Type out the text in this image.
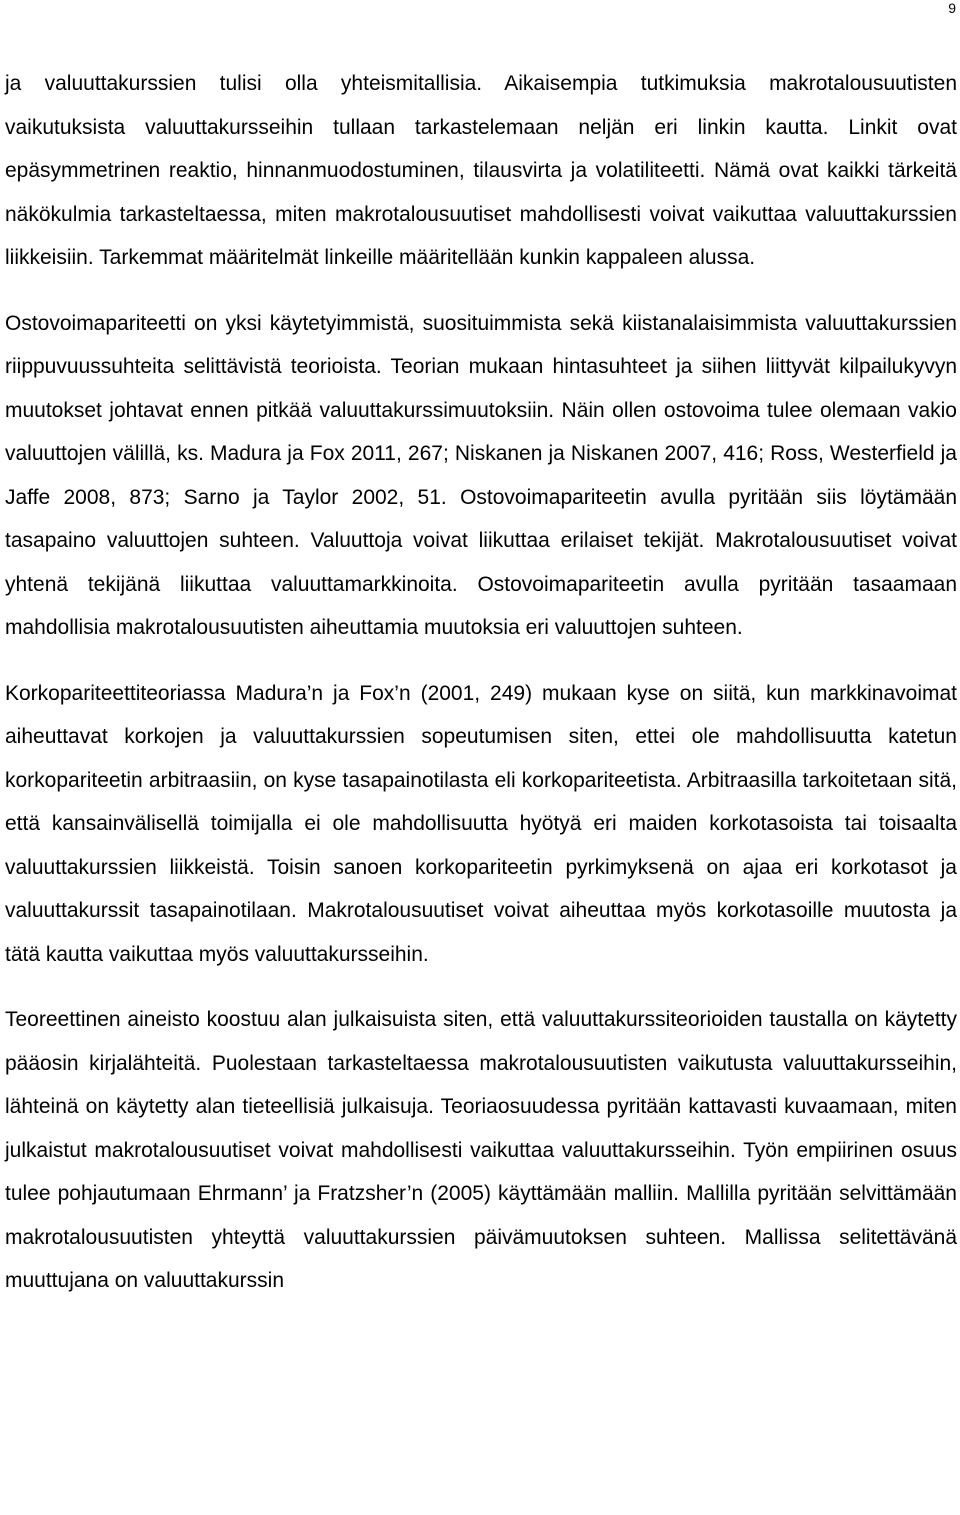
9

ja valuuttakurssien tulisi olla yhteismitallisia. Aikaisempia tutkimuksia makrotalousuutisten vaikutuksista valuuttakursseihin tullaan tarkastelemaan neljän eri linkin kautta. Linkit ovat epäsymmetrinen reaktio, hinnanmuodostuminen, tilausvirta ja volatiliteetti. Nämä ovat kaikki tärkeitä näkökulmia tarkasteltaessa, miten makrotalousuutiset mahdollisesti voivat vaikuttaa valuuttakurssien liikkeisiin. Tarkemmat määritelmät linkeille määritellään kunkin kappaleen alussa.

Ostovoimapariteetti on yksi käytetyimmistä, suosituimmista sekä kiistanalaisimmista valuuttakurssien riippuvuussuhteita selittävistä teorioista. Teorian mukaan hintasuhteet ja siihen liittyvät kilpailukyvyn muutokset johtavat ennen pitkää valuuttakurssimuutoksiin. Näin ollen ostovoima tulee olemaan vakio valuuttojen välillä, ks. Madura ja Fox 2011, 267; Niskanen ja Niskanen 2007, 416; Ross, Westerfield ja Jaffe 2008, 873; Sarno ja Taylor 2002, 51. Ostovoimapariteetin avulla pyritään siis löytämään tasapaino valuuttojen suhteen. Valuuttoja voivat liikuttaa erilaiset tekijät. Makrotalousuutiset voivat yhtenä tekijänä liikuttaa valuuttamarkkinoita. Ostovoimapariteetin avulla pyritään tasaamaan mahdollisia makrotalousuutisten aiheuttamia muutoksia eri valuuttojen suhteen.

Korkopariteettiteoriassa Madura’n ja Fox’n (2001, 249) mukaan kyse on siitä, kun markkinavoimat aiheuttavat korkojen ja valuuttakurssien sopeutumisen siten, ettei ole mahdollisuutta katetun korkopariteetin arbitraasiin, on kyse tasapainotilasta eli korkopariteetista. Arbitraasilla tarkoitetaan sitä, että kansainvälisellä toimijalla ei ole mahdollisuutta hyötyä eri maiden korkotasoista tai toisaalta valuuttakurssien liikkeistä. Toisin sanoen korkopariteetin pyrkimyksenä on ajaa eri korkotasot ja valuuttakurssit tasapainotilaan. Makrotalousuutiset voivat aiheuttaa myös korkotasoille muutosta ja tätä kautta vaikuttaa myös valuuttakursseihin.

Teoreettinen aineisto koostuu alan julkaisuista siten, että valuuttakurssiteorioiden taustalla on käytetty pääosin kirjalähteitä. Puolestaan tarkasteltaessa makrotalousuutisten vaikutusta valuuttakursseihin, lähteinä on käytetty alan tieteellisiä julkaisuja. Teoriaosuudessa pyritään kattavasti kuvaamaan, miten julkaistut makrotalousuutiset voivat mahdollisesti vaikuttaa valuuttakursseihin. Työn empiirinen osuus tulee pohjautumaan Ehrmann’ ja Fratzsher’n (2005) käyttämään malliin. Mallilla pyritään selvittämään makrotalousuutisten yhteyttä valuuttakurssien päivämuutoksen suhteen. Mallissa selitettävänä muuttujana on valuuttakurssin
